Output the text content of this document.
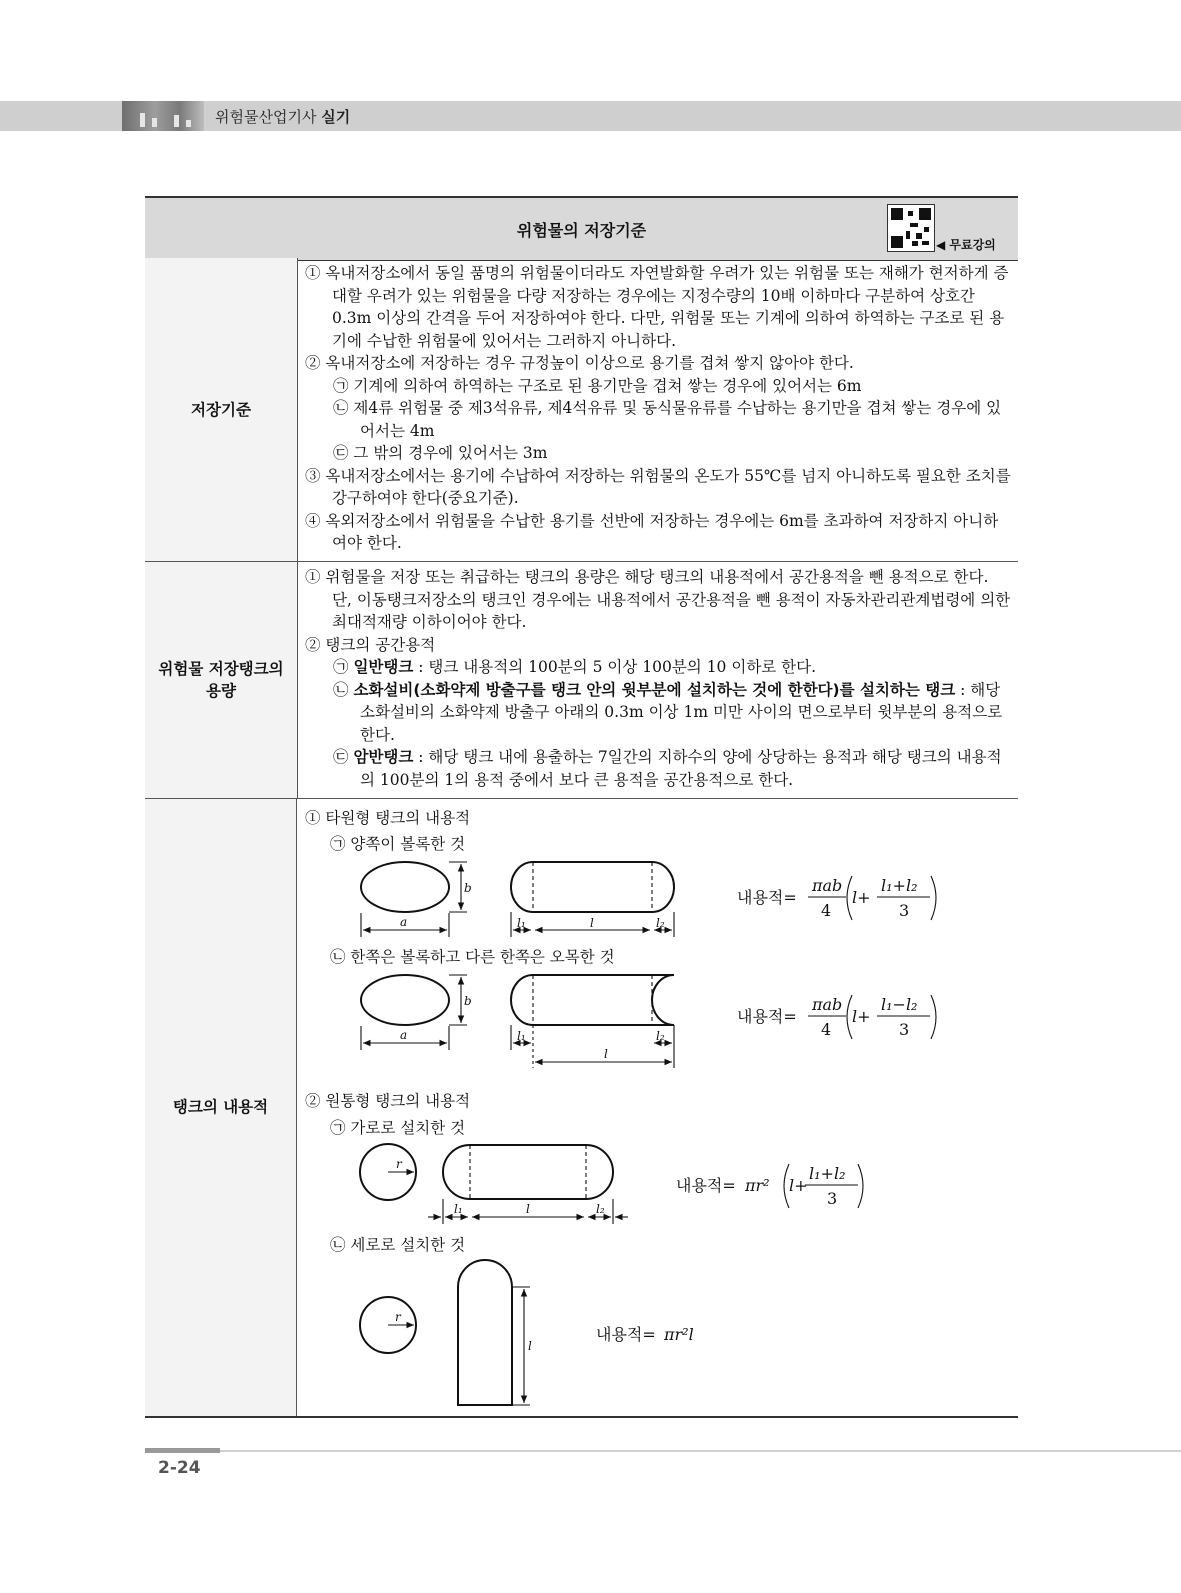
위험물산업기사 실기
위험물의 저장기준
◀ 무료강의
저장기준

① 옥내저장소에서 동일 품명의 위험물이더라도 자연발화할 우려가 있는 위험물 또는 재해가 현저하게 증대할 우려가 있는 위험물을 다량 저장하는 경우에는 지정수량의 10배 이하마다 구분하여 상호간 0.3m 이상의 간격을 두어 저장하여야 한다. 다만, 위험물 또는 기계에 의하여 하역하는 구조로 된 용기에 수납한 위험물에 있어서는 그러하지 아니하다.

② 옥내저장소에 저장하는 경우 규정높이 이상으로 용기를 겹쳐 쌓지 않아야 한다.

㉠ 기계에 의하여 하역하는 구조로 된 용기만을 겹쳐 쌓는 경우에 있어서는 6m

㉡ 제4류 위험물 중 제3석유류, 제4석유류 및 동식물유류를 수납하는 용기만을 겹쳐 쌓는 경우에 있어서는 4m

㉢ 그 밖의 경우에 있어서는 3m

③ 옥내저장소에서는 용기에 수납하여 저장하는 위험물의 온도가 55℃를 넘지 아니하도록 필요한 조치를 강구하여야 한다(중요기준).

④ 옥외저장소에서 위험물을 수납한 용기를 선반에 저장하는 경우에는 6m를 초과하여 저장하지 아니하여야 한다.

위험물 저장탱크의
용량

① 위험물을 저장 또는 취급하는 탱크의 용량은 해당 탱크의 내용적에서 공간용적을 뺀 용적으로 한다. 단, 이동탱크저장소의 탱크인 경우에는 내용적에서 공간용적을 뺀 용적이 자동차관리관계법령에 의한 최대적재량 이하이어야 한다.

② 탱크의 공간용적

㉠ 일반탱크 : 탱크 내용적의 100분의 5 이상 100분의 10 이하로 한다.

㉡ 소화설비(소화약제 방출구를 탱크 안의 윗부분에 설치하는 것에 한한다)를 설치하는 탱크 : 해당 소화설비의 소화약제 방출구 아래의 0.3m 이상 1m 미만 사이의 면으로부터 윗부분의 용적으로 한다.

㉢ 암반탱크 : 해당 탱크 내에 용출하는 7일간의 지하수의 양에 상당하는 용적과 해당 탱크의 내용적의 100분의 1의 용적 중에서 보다 큰 용적을 공간용적으로 한다.

탱크의 내용적
① 타원형 탱크의 내용적
㉠ 양쪽이 볼록한 것
㉡ 한쪽은 볼록하고 다른 한쪽은 오목한 것
② 원통형 탱크의 내용적
㉠ 가로로 설치한 것
㉡ 세로로 설치한 것
b
a	l₁	l	l₂
b
a	l₁	l₂
l
r
l₁	l	l₂
r
l
내용적=
πab
4
l+
l₁+l₂
3
내용적=
πab
4
l+
l₁−l₂
3
내용적= πr² l+
l₁+l₂
3
내용적= πr²l
2-24
